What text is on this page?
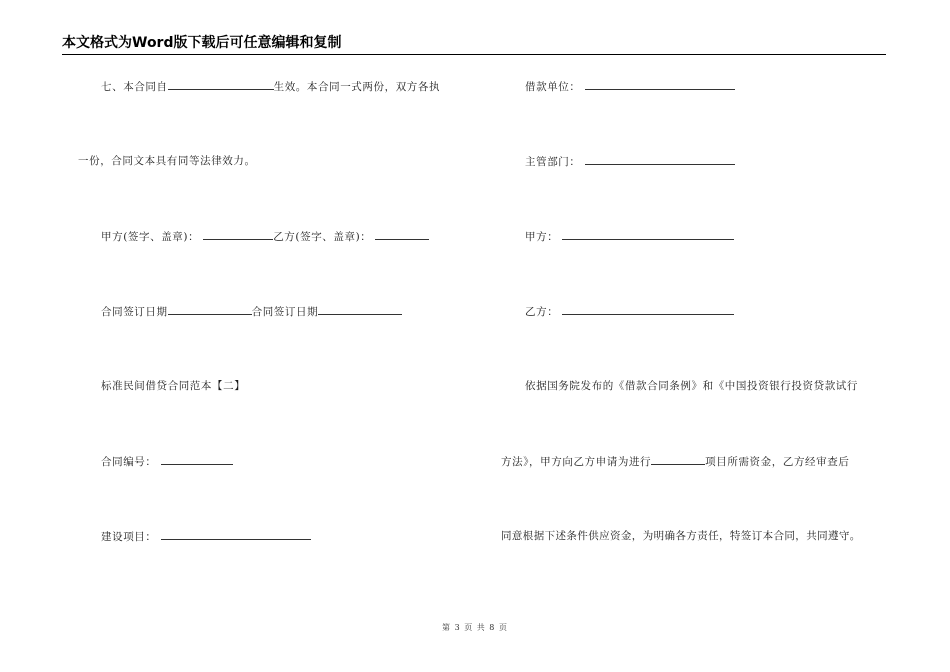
本文格式为Word版下载后可任意编辑和复制
七、本合同自	生效。本合同一式两份，双方各执
一份，合同文本具有同等法律效力。
甲方(签字、盖章)：	乙方(签字、盖章)：
合同签订日期	合同签订日期
标准民间借贷合同范本【二】
合同编号：
建设项目：
借款单位：
主管部门：
甲方：
乙方：
依据国务院发布的《借款合同条例》和《中国投资银行投资贷款试行
方法》，甲方向乙方申请为进行	项目所需资金，乙方经审查后
同意根据下述条件供应资金，为明确各方责任，特签订本合同，共同遵守。
第 3 页 共 8 页
